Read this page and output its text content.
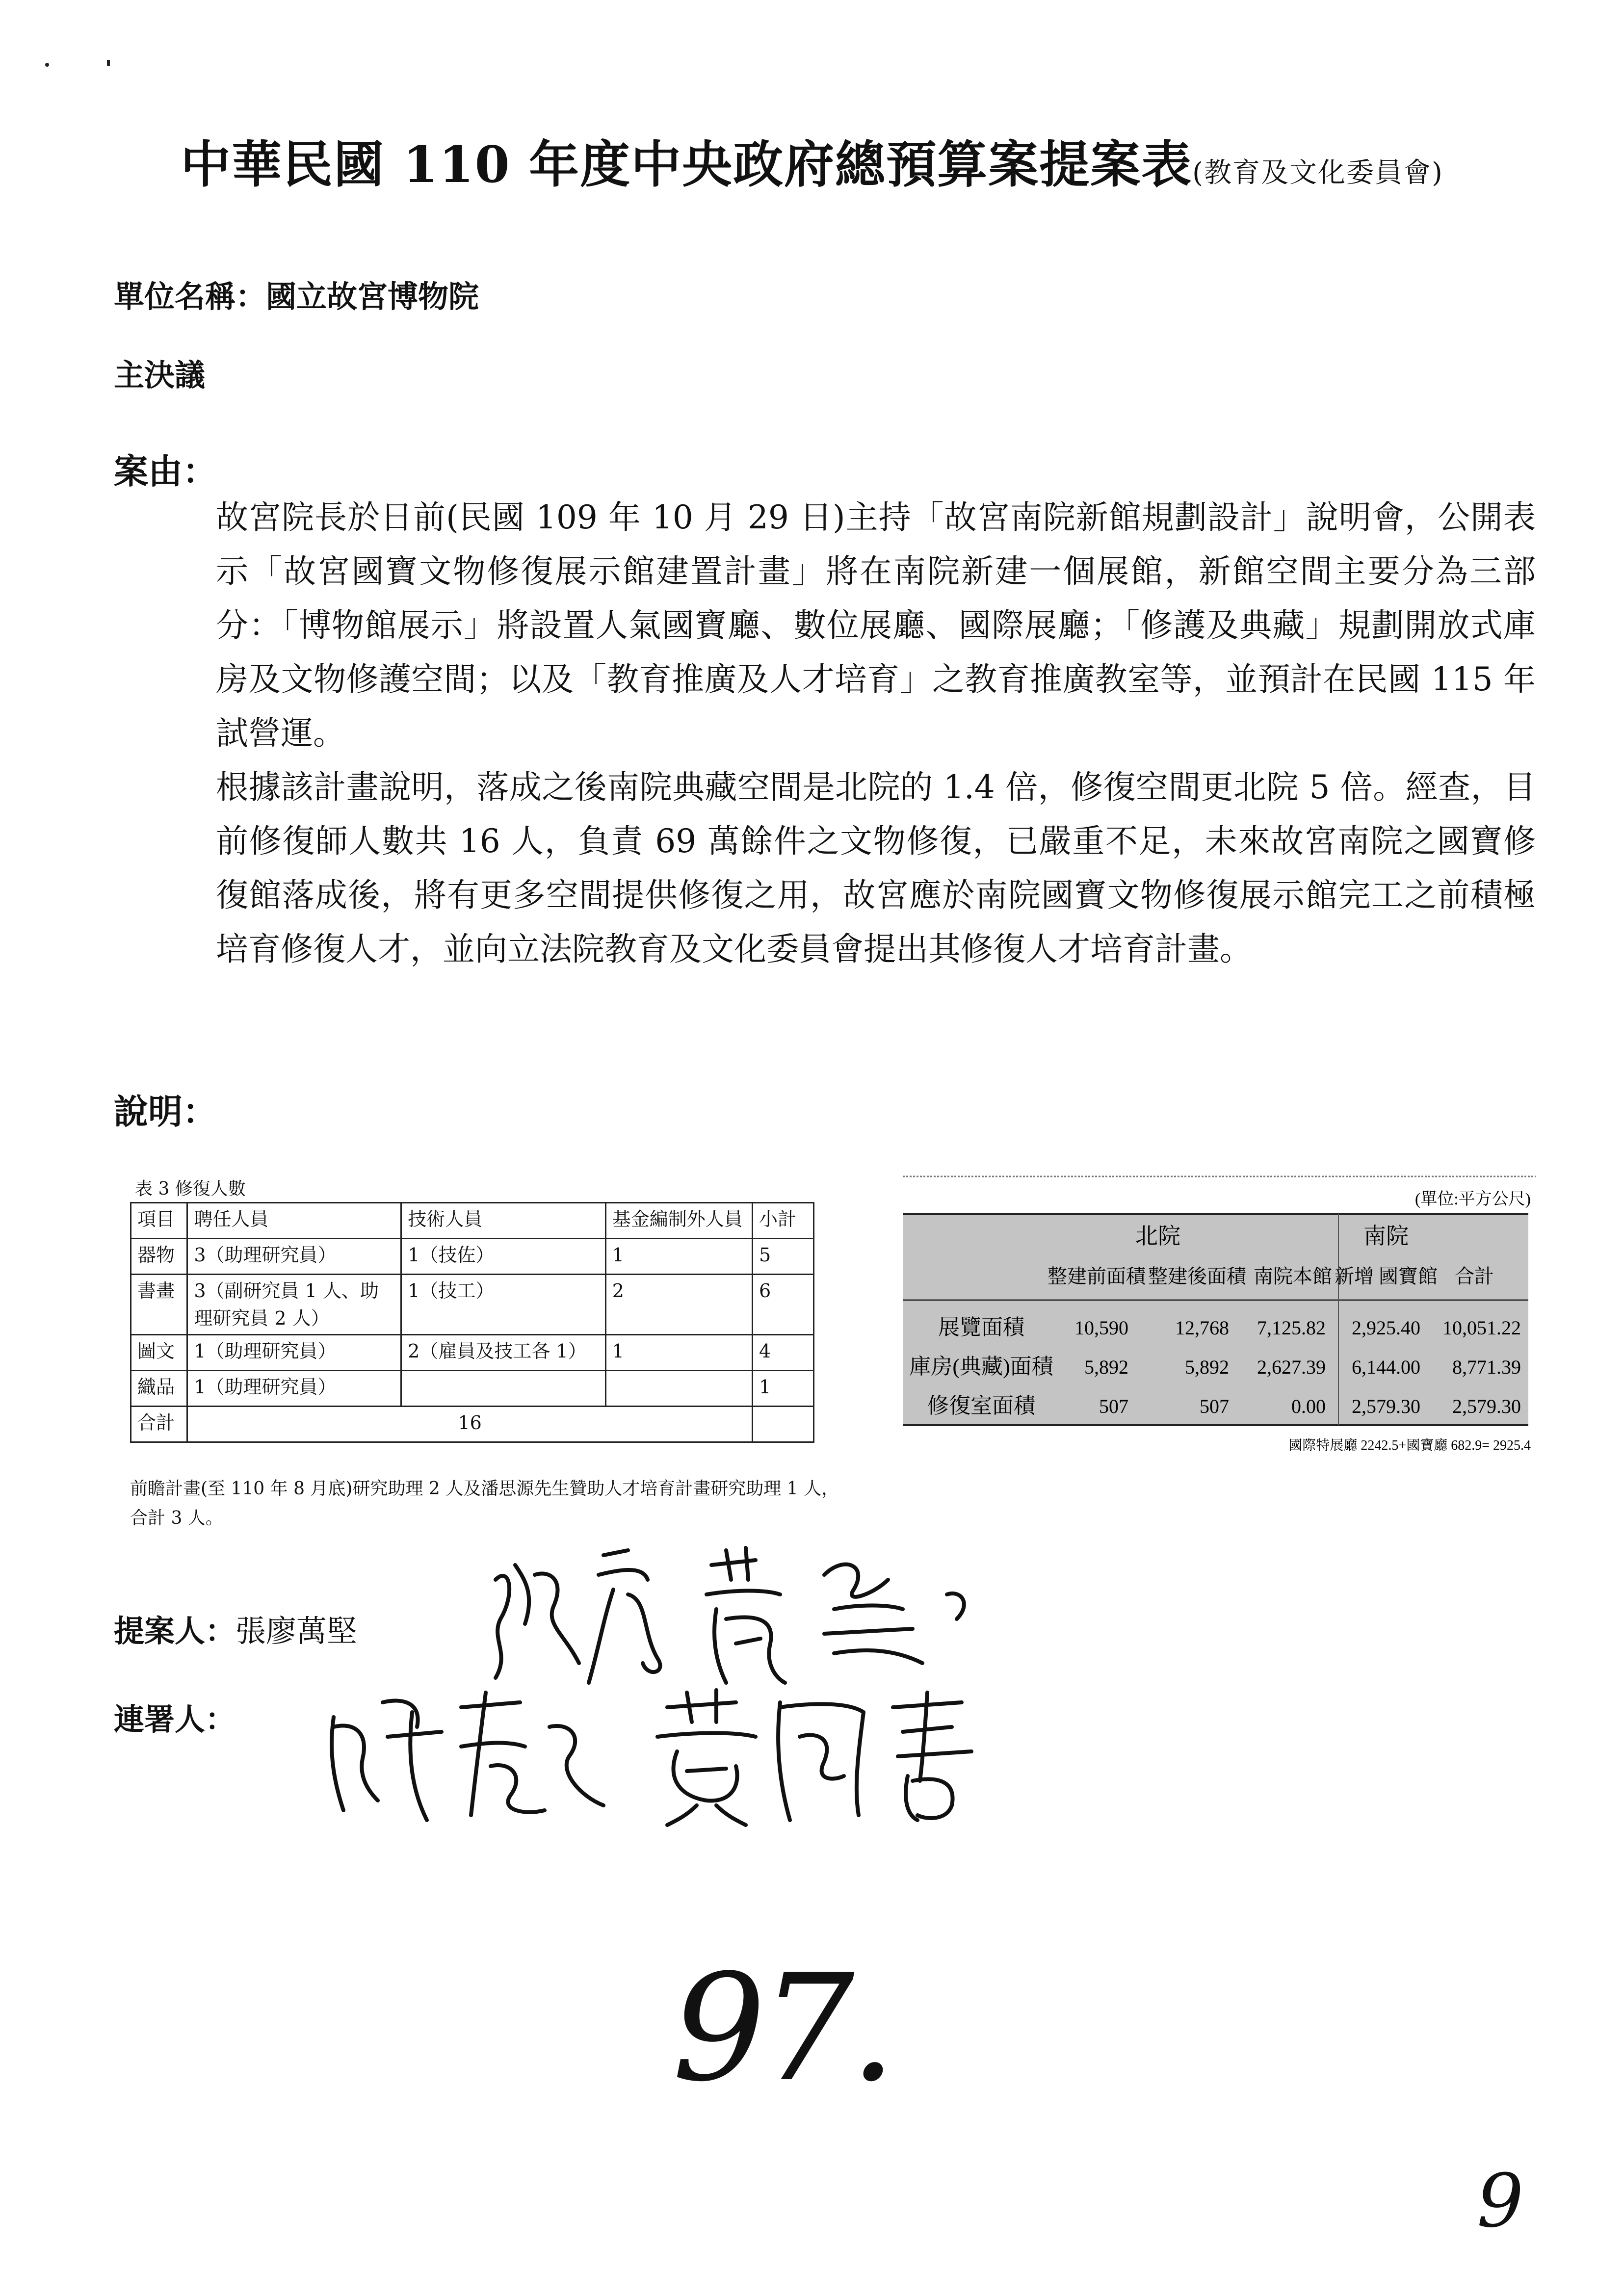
中華民國 110 年度中央政府總預算案提案表(教育及文化委員會)
單位名稱：國立故宮博物院
主決議
案由：

故宮院長於日前(民國 109 年 10 月 29 日)主持「故宮南院新館規劃設計」說明會，公開表示「故宮國寶文物修復展示館建置計畫」將在南院新建一個展館，新館空間主要分為三部分：「博物館展示」將設置人氣國寶廳、數位展廳、國際展廳；「修護及典藏」規劃開放式庫房及文物修護空間；以及「教育推廣及人才培育」之教育推廣教室等，並預計在民國 115 年試營運。

根據該計畫說明，落成之後南院典藏空間是北院的 1.4 倍，修復空間更北院 5 倍。經查，目前修復師人數共 16 人，負責 69 萬餘件之文物修復，已嚴重不足，未來故宮南院之國寶修復館落成後，將有更多空間提供修復之用，故宮應於南院國寶文物修復展示館完工之前積極培育修復人才，並向立法院教育及文化委員會提出其修復人才培育計畫。

說明：
表 3 修復人數
項目	聘任人員	技術人員	基金編制外人員	小計
器物	3（助理研究員）	1（技佐）	1	5
書畫	3（副研究員 1 人、助理研究員 2 人）	1（技工）	2	6
圖文	1（助理研究員）	2（雇員及技工各 1）	1	4
織品	1（助理研究員）			1
合計	16			
前瞻計畫(至 110 年 8 月底)研究助理 2 人及潘思源先生贊助人才培育計畫研究助理 1 人，合計 3 人。
(單位:平方公尺)
北院	南院
整建前面積 整建後面積 南院本館 新增 國寶館 合計
展覽面積	10,590 12,768 7,125.82 2,925.40 10,051.22
庫房(典藏)面積 5,892	5,892 2,627.39 6,144.00 8,771.39
修復室面積	507	507	0.00 2,579.30 2,579.30
國際特展廳 2242.5+國寶廳 682.9= 2925.4
提案人：張廖萬堅
連署人：
97.
9
